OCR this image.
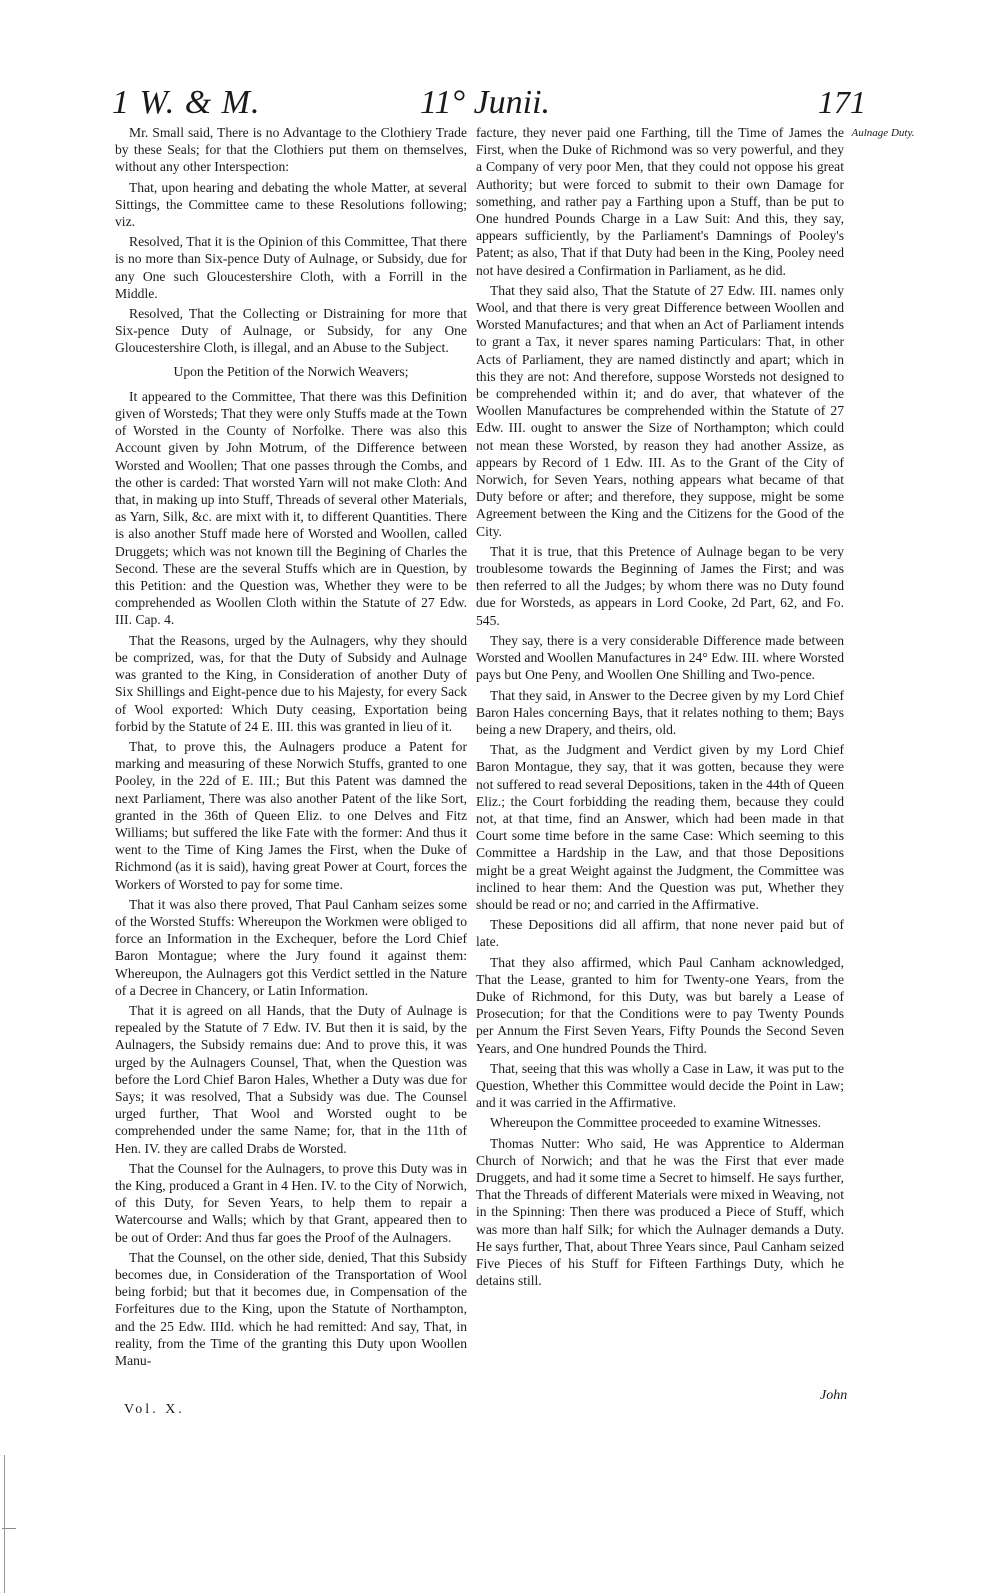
1 W. & M.	11° Junii.	171

Mr. Small said, There is no Advantage to the Clothiery Trade by these Seals; for that the Clothiers put them on themselves, without any other Interspection:

That, upon hearing and debating the whole Matter, at several Sittings, the Committee came to these Resolutions following; viz.

Resolved, That it is the Opinion of this Committee, That there is no more than Six-pence Duty of Aulnage, or Subsidy, due for any One such Gloucestershire Cloth, with a Forrill in the Middle.

Resolved, That the Collecting or Distraining for more that Six-pence Duty of Aulnage, or Subsidy, for any One Gloucestershire Cloth, is illegal, and an Abuse to the Subject.

Upon the Petition of the Norwich Weavers;

It appeared to the Committee, That there was this Definition given of Worsteds; That they were only Stuffs made at the Town of Worsted in the County of Norfolke. There was also this Account given by John Motrum, of the Difference between Worsted and Woollen; That one passes through the Combs, and the other is carded: That worsted Yarn will not make Cloth: And that, in making up into Stuff, Threads of several other Materials, as Yarn, Silk, &c. are mixt with it, to different Quantities. There is also another Stuff made here of Worsted and Woollen, called Druggets; which was not known till the Begining of Charles the Second. These are the several Stuffs which are in Question, by this Petition: and the Question was, Whether they were to be comprehended as Woollen Cloth within the Statute of 27 Edw. III. Cap. 4.

That the Reasons, urged by the Aulnagers, why they should be comprized, was, for that the Duty of Subsidy and Aulnage was granted to the King, in Consideration of another Duty of Six Shillings and Eight-pence due to his Majesty, for every Sack of Wool exported: Which Duty ceasing, Exportation being forbid by the Statute of 24 E. III. this was granted in lieu of it.

That, to prove this, the Aulnagers produce a Patent for marking and measuring of these Norwich Stuffs, granted to one Pooley, in the 22d of E. III.; But this Patent was damned the next Parliament, There was also another Patent of the like Sort, granted in the 36th of Queen Eliz. to one Delves and Fitz Williams; but suffered the like Fate with the former: And thus it went to the Time of King James the First, when the Duke of Richmond (as it is said), having great Power at Court, forces the Workers of Worsted to pay for some time.

That it was also there proved, That Paul Canham seizes some of the Worsted Stuffs: Whereupon the Workmen were obliged to force an Information in the Exchequer, before the Lord Chief Baron Montague; where the Jury found it against them: Whereupon, the Aulnagers got this Verdict settled in the Nature of a Decree in Chancery, or Latin Information.

That it is agreed on all Hands, that the Duty of Aulnage is repealed by the Statute of 7 Edw. IV. But then it is said, by the Aulnagers, the Subsidy remains due: And to prove this, it was urged by the Aulnagers Counsel, That, when the Question was before the Lord Chief Baron Hales, Whether a Duty was due for Says; it was resolved, That a Subsidy was due. The Counsel urged further, That Wool and Worsted ought to be comprehended under the same Name; for, that in the 11th of Hen. IV. they are called Drabs de Worsted.

That the Counsel for the Aulnagers, to prove this Duty was in the King, produced a Grant in 4 Hen. IV. to the City of Norwich, of this Duty, for Seven Years, to help them to repair a Watercourse and Walls; which by that Grant, appeared then to be out of Order: And thus far goes the Proof of the Aulnagers.

That the Counsel, on the other side, denied, That this Subsidy becomes due, in Consideration of the Transportation of Wool being forbid; but that it becomes due, in Compensation of the Forfeitures due to the King, upon the Statute of Northampton, and the 25 Edw. IIId. which he had remitted: And say, That, in reality, from the Time of the granting this Duty upon Woollen Manu-

facture, they never paid one Farthing, till the Time of James the First, when the Duke of Richmond was so very powerful, and they a Company of very poor Men, that they could not oppose his great Authority; but were forced to submit to their own Damage for something, and rather pay a Farthing upon a Stuff, than be put to One hundred Pounds Charge in a Law Suit: And this, they say, appears sufficiently, by the Parliament's Damnings of Pooley's Patent; as also, That if that Duty had been in the King, Pooley need not have desired a Confirmation in Parliament, as he did.

That they said also, That the Statute of 27 Edw. III. names only Wool, and that there is very great Difference between Woollen and Worsted Manufactures; and that when an Act of Parliament intends to grant a Tax, it never spares naming Particulars: That, in other Acts of Parliament, they are named distinctly and apart; which in this they are not: And therefore, suppose Worsteds not designed to be comprehended within it; and do aver, that whatever of the Woollen Manufactures be comprehended within the Statute of 27 Edw. III. ought to answer the Size of Northampton; which could not mean these Worsted, by reason they had another Assize, as appears by Record of 1 Edw. III. As to the Grant of the City of Norwich, for Seven Years, nothing appears what became of that Duty before or after; and therefore, they suppose, might be some Agreement between the King and the Citizens for the Good of the City.

That it is true, that this Pretence of Aulnage began to be very troublesome towards the Beginning of James the First; and was then referred to all the Judges; by whom there was no Duty found due for Worsteds, as appears in Lord Cooke, 2d Part, 62, and Fo. 545.

They say, there is a very considerable Difference made between Worsted and Woollen Manufactures in 24° Edw. III. where Worsted pays but One Peny, and Woollen One Shilling and Two-pence.

That they said, in Answer to the Decree given by my Lord Chief Baron Hales concerning Bays, that it relates nothing to them; Bays being a new Drapery, and theirs, old.

That, as the Judgment and Verdict given by my Lord Chief Baron Montague, they say, that it was gotten, because they were not suffered to read several Depositions, taken in the 44th of Queen Eliz.; the Court forbidding the reading them, because they could not, at that time, find an Answer, which had been made in that Court some time before in the same Case: Which seeming to this Committee a Hardship in the Law, and that those Depositions might be a great Weight against the Judgment, the Committee was inclined to hear them: And the Question was put, Whether they should be read or no; and carried in the Affirmative.

These Depositions did all affirm, that none never paid but of late.

That they also affirmed, which Paul Canham acknowledged, That the Lease, granted to him for Twenty-one Years, from the Duke of Richmond, for this Duty, was but barely a Lease of Prosecution; for that the Conditions were to pay Twenty Pounds per Annum the First Seven Years, Fifty Pounds the Second Seven Years, and One hundred Pounds the Third.

That, seeing that this was wholly a Case in Law, it was put to the Question, Whether this Committee would decide the Point in Law; and it was carried in the Affirmative.

Whereupon the Committee proceeded to examine Witnesses.

Thomas Nutter: Who said, He was Apprentice to Alderman Church of Norwich; and that he was the First that ever made Druggets, and had it some time a Secret to himself. He says further, That the Threads of different Materials were mixed in Weaving, not in the Spinning: Then there was produced a Piece of Stuff, which was more than half Silk; for which the Aulnager demands a Duty. He says further, That, about Three Years since, Paul Canham seized Five Pieces of his Stuff for Fifteen Farthings Duty, which he detains still.

Aulnage Duty.
Vol. X.
John
